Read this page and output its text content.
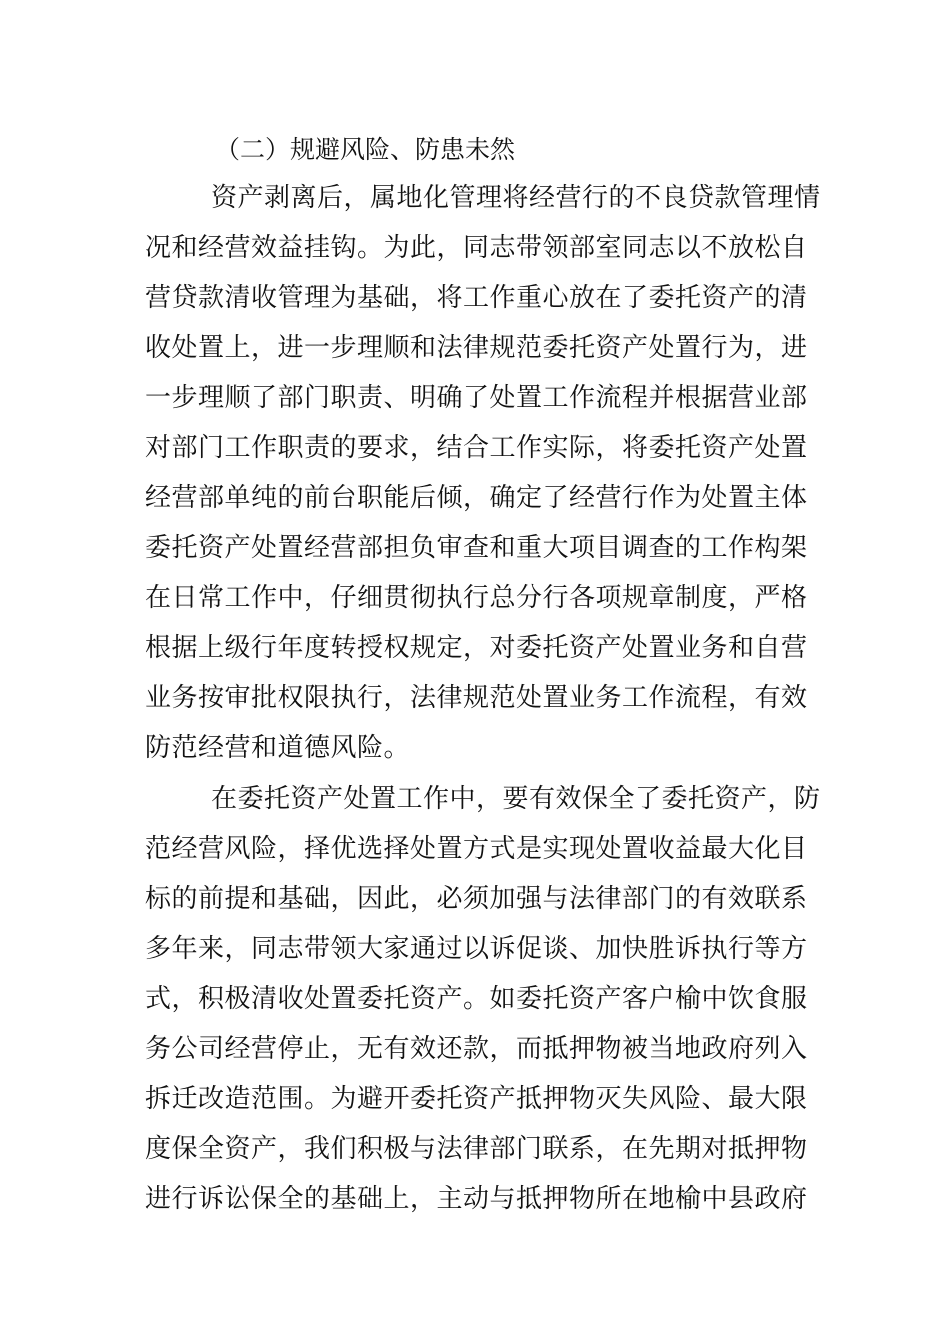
（二）规避风险、防患未然
资产剥离后，属地化管理将经营行的不良贷款管理情
况和经营效益挂钩。为此，同志带领部室同志以不放松自
营贷款清收管理为基础，将工作重心放在了委托资产的清
收处置上，进一步理顺和法律规范委托资产处置行为，进
一步理顺了部门职责、明确了处置工作流程并根据营业部
对部门工作职责的要求，结合工作实际，将委托资产处置
经营部单纯的前台职能后倾，确定了经营行作为处置主体
委托资产处置经营部担负审查和重大项目调查的工作构架
在日常工作中，仔细贯彻执行总分行各项规章制度，严格
根据上级行年度转授权规定，对委托资产处置业务和自营
业务按审批权限执行，法律规范处置业务工作流程，有效
防范经营和道德风险。
在委托资产处置工作中，要有效保全了委托资产，防
范经营风险，择优选择处置方式是实现处置收益最大化目
标的前提和基础，因此，必须加强与法律部门的有效联系
多年来，同志带领大家通过以诉促谈、加快胜诉执行等方
式，积极清收处置委托资产。如委托资产客户榆中饮食服
务公司经营停止，无有效还款，而抵押物被当地政府列入
拆迁改造范围。为避开委托资产抵押物灭失风险、最大限
度保全资产，我们积极与法律部门联系，在先期对抵押物
进行诉讼保全的基础上，主动与抵押物所在地榆中县政府
